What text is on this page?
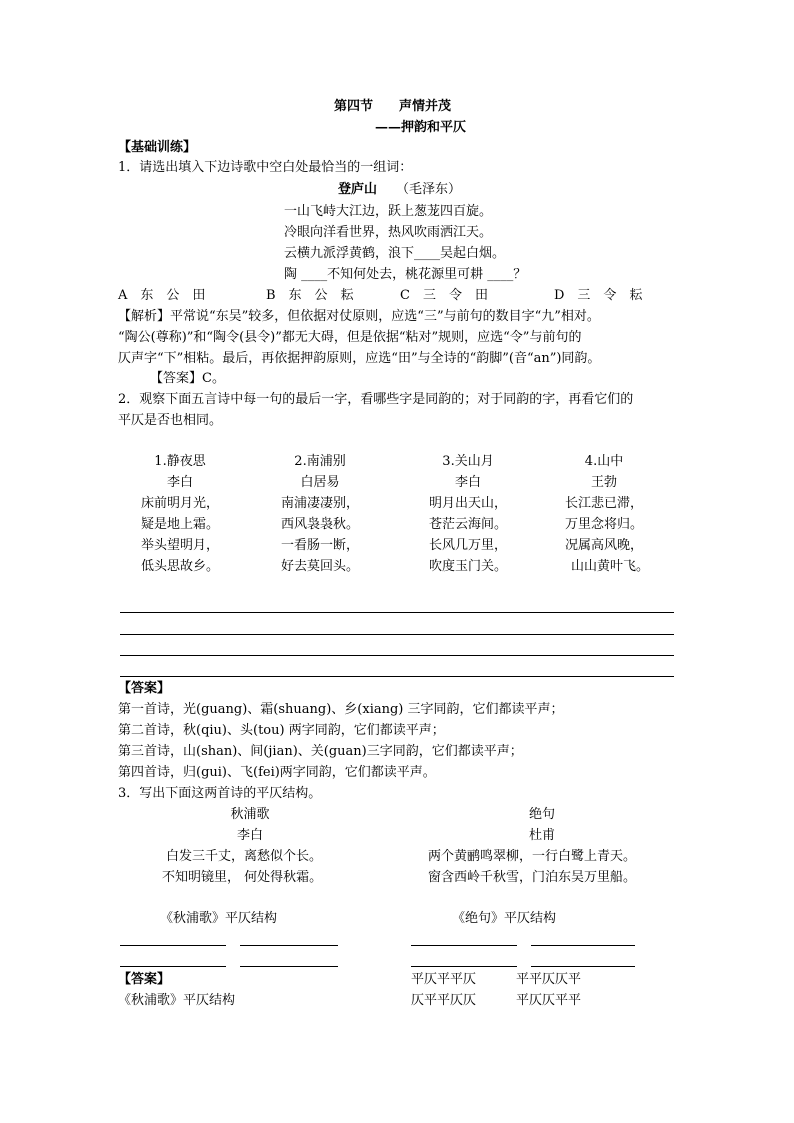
第四节　　声情并茂
——押韵和平仄
【基础训练】
1．请选出填入下边诗歌中空白处最恰当的一组词：
登庐山 （毛泽东）
一山飞峙大江边，跃上葱茏四百旋。
冷眼向洋看世界，热风吹雨洒江天。
云横九派浮黄鹤，浪下____吴起白烟。
陶 ____不知何处去，桃花源里可耕 ____？
A　东　公　田	B　东　公　耘	C　三　令　田	D　三　令　耘
【解析】平常说“东吴”较多，但依据对仗原则，应选“三”与前句的数目字“九”相对。
“陶公(尊称)”和“陶令(县令)”都无大碍，但是依据“粘对”规则，应选“令”与前句的
仄声字“下”相粘。最后，再依据押韵原则，应选“田”与全诗的“韵脚”(音“an”)同韵。
【答案】C。
2．观察下面五言诗中每一句的最后一字，看哪些字是同韵的；对于同韵的字，再看它们的
平仄是否也相同。
1.静夜思
李白
床前明月光，
疑是地上霜。
举头望明月，
低头思故乡。
2.南浦别
白居易
南浦凄凄别，
西风袅袅秋。
一看肠一断，
好去莫回头。
3.关山月
李白
明月出天山，
苍茫云海间。
长风几万里，
吹度玉门关。
4.山中
王勃
长江悲已滞，
万里念将归。
况属高风晚，
山山黄叶飞。
【答案】
第一首诗，光(guang)、霜(shuang)、乡(xiang) 三字同韵，它们都读平声；
第二首诗，秋(qiu)、头(tou) 两字同韵，它们都读平声；
第三首诗，山(shan)、间(jian)、关(guan)三字同韵，它们都读平声；
第四首诗，归(gui)、飞(fei)两字同韵，它们都读平声。
3．写出下面这两首诗的平仄结构。
秋浦歌
李白
白发三千丈，离愁似个长。
不知明镜里， 何处得秋霜。
绝句
杜甫
两个黄鹂鸣翠柳，一行白鹭上青天。
窗含西岭千秋雪，门泊东吴万里船。
《秋浦歌》平仄结构	《绝句》平仄结构
【答案】
《秋浦歌》平仄结构
平仄平平仄	平平仄仄平
仄平平仄仄	平仄仄平平
